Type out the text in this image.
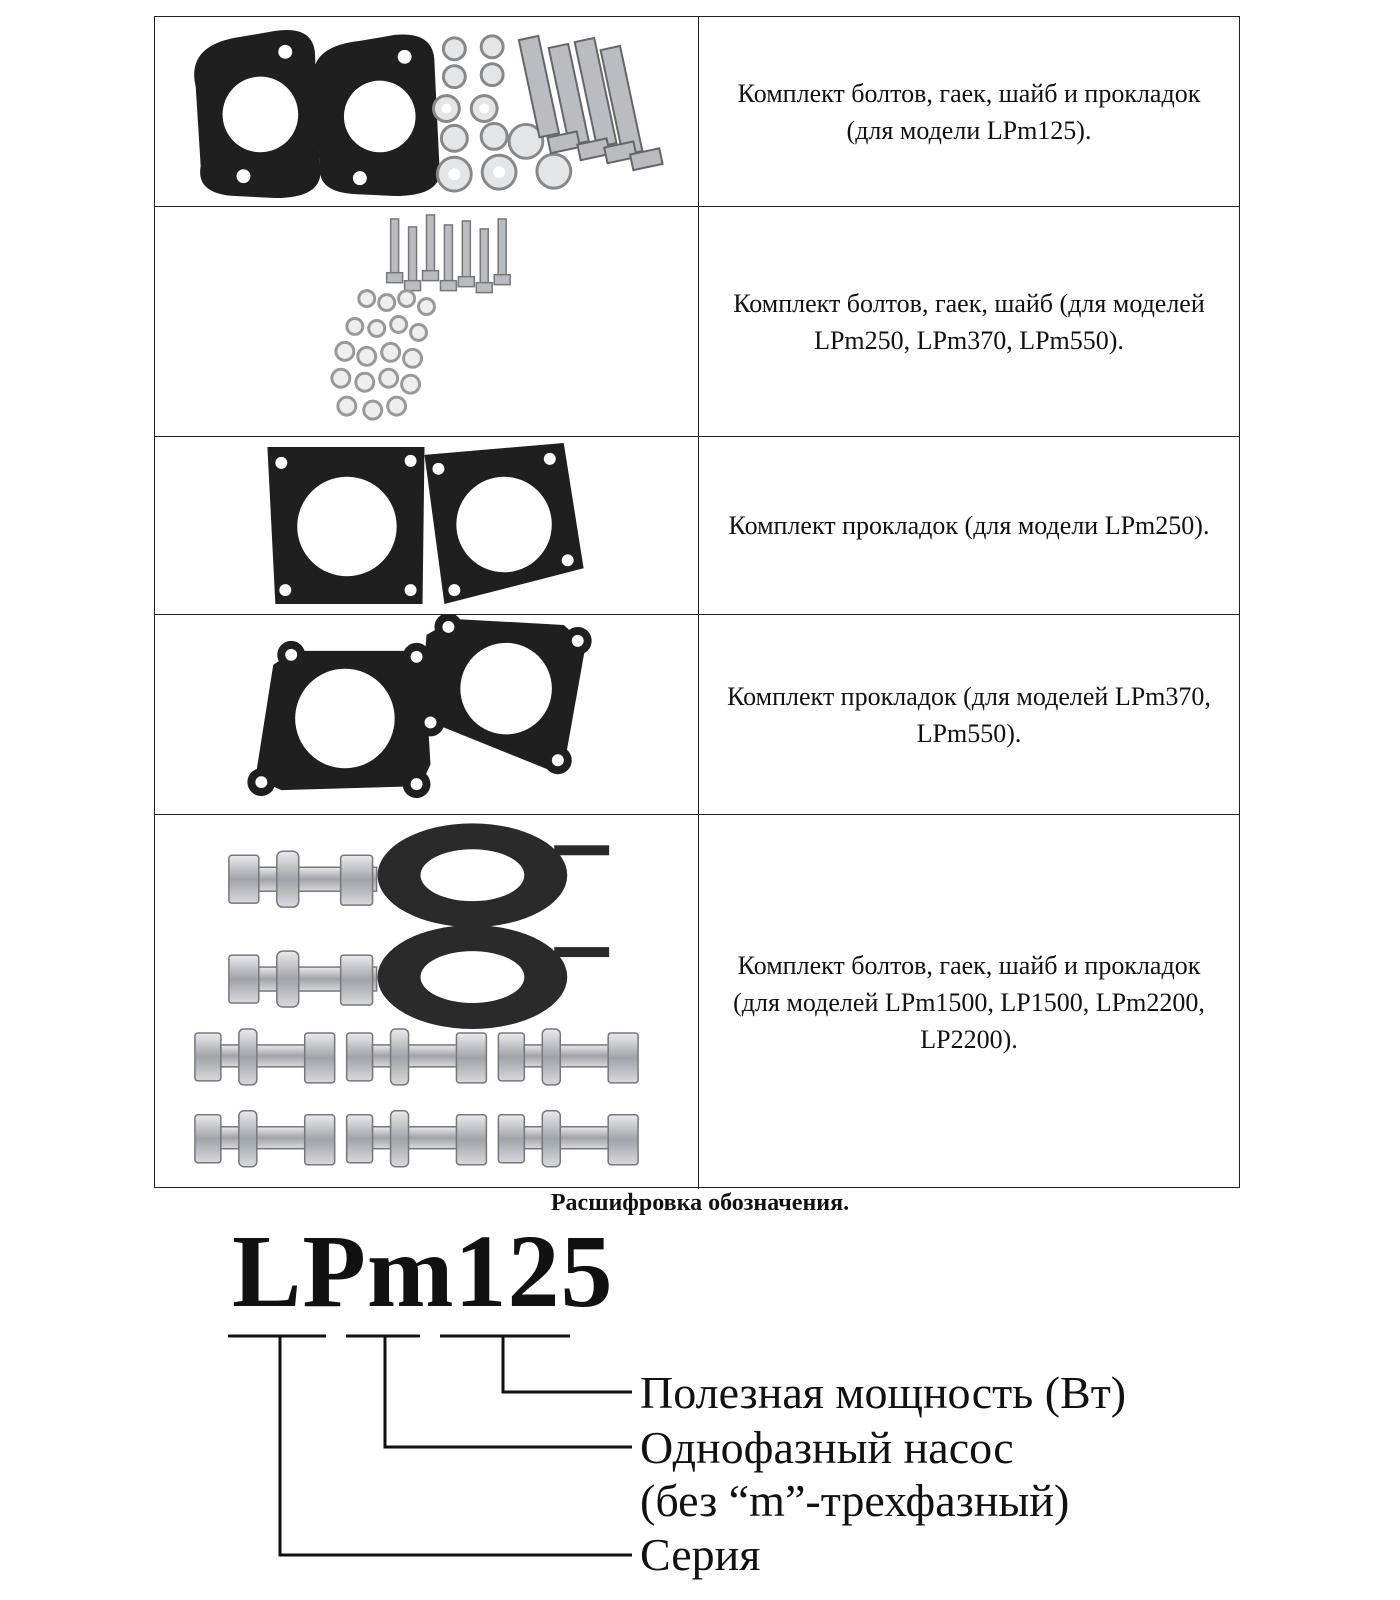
Комплект болтов, гаек, шайб и прокладок (для модели LPm125).
Комплект болтов, гаек, шайб (для моделей LPm250, LPm370, LPm550).
Комплект прокладок (для модели LPm250).
Комплект прокладок (для моделей LPm370, LPm550).
Комплект болтов, гаек, шайб и прокладок (для моделей LPm1500, LP1500, LPm2200, LP2200).
Расшифровка обозначения.
LPm125
Полезная мощность (Вт)
Однофазный насос
(без “m”-трехфазный)
Серия
